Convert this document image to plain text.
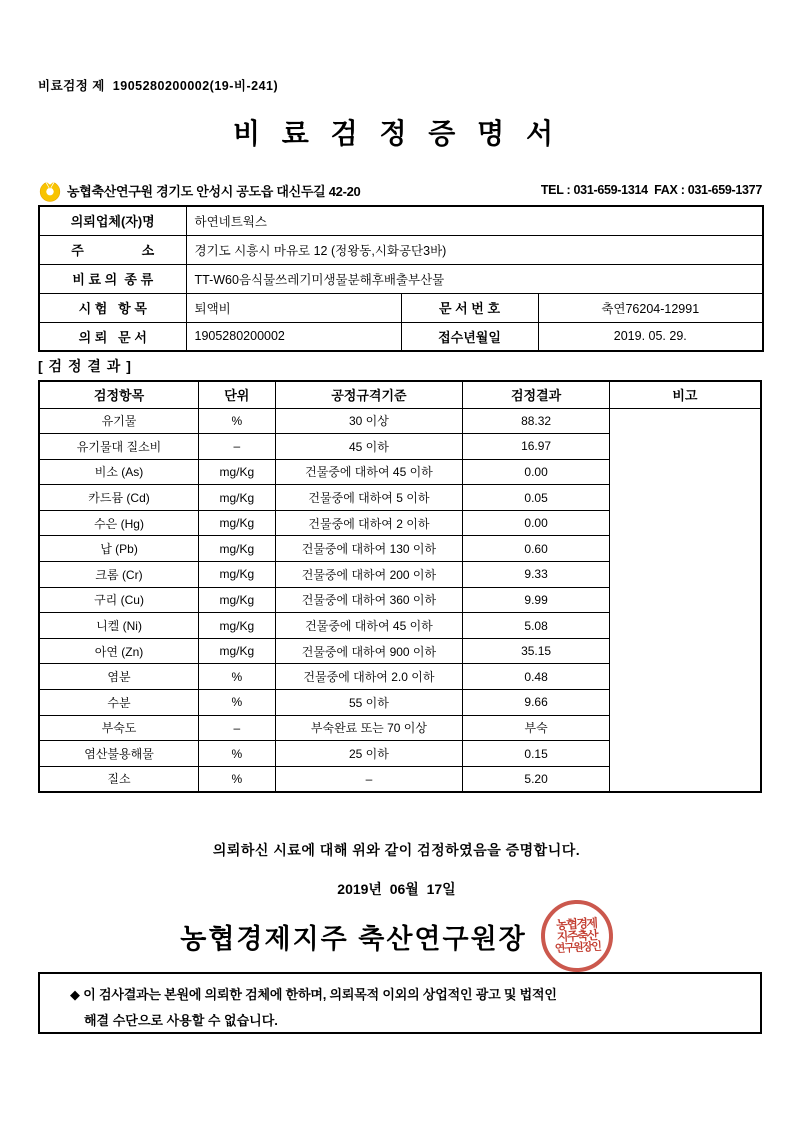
비료검정 제  1905280200002(19-비-241)
비 료 검 정 증 명 서
농협축산연구원 경기도 안성시 공도읍 대신두길 42-20	TEL : 031-659-1314  FAX : 031-659-1377
의뢰업체(자)명	하연네트웍스		
주                소	경기도 시흥시 마유로 12 (정왕동,시화공단3바)		
비 료 의  종 류	TT-W60음식물쓰레기미생물분해후배출부산물		
시 험   항 목	퇴액비	문 서 번 호	축연76204-12991
의 뢰   문 서	1905280200002	접수년월일	2019. 05. 29.
[ 검 정 결 과 ]
검정항목	단위	공정규격기준	검정결과	비고
유기물	%	30 이상	88.32	
유기물대 질소비	–	45 이하	16.97	
비소 (As)	mg/Kg	건물중에 대하여 45 이하	0.00	
카드뮴 (Cd)	mg/Kg	건물중에 대하여 5 이하	0.05	
수은 (Hg)	mg/Kg	건물중에 대하여 2 이하	0.00	
납 (Pb)	mg/Kg	건물중에 대하여 130 이하	0.60	
크롬 (Cr)	mg/Kg	건물중에 대하여 200 이하	9.33	
구리 (Cu)	mg/Kg	건물중에 대하여 360 이하	9.99	
니켈 (Ni)	mg/Kg	건물중에 대하여 45 이하	5.08	
아연 (Zn)	mg/Kg	건물중에 대하여 900 이하	35.15	
염분	%	건물중에 대하여 2.0 이하	0.48	
수분	%	55 이하	9.66	
부숙도	–	부숙완료 또는 70 이상	부숙	
염산불용해물	%	25 이하	0.15	
질소	%	–	5.20	
의뢰하신 시료에 대해 위와 같이 검정하였음을 증명합니다.
2019년  06월  17일
농협경제지주 축산연구원장 농협경제
지주축산
연구원장인
◆ 이 검사결과는 본원에 의뢰한 검체에 한하며, 의뢰목적 이외의 상업적인 광고 및 법적인
해결 수단으로 사용할 수 없습니다.
